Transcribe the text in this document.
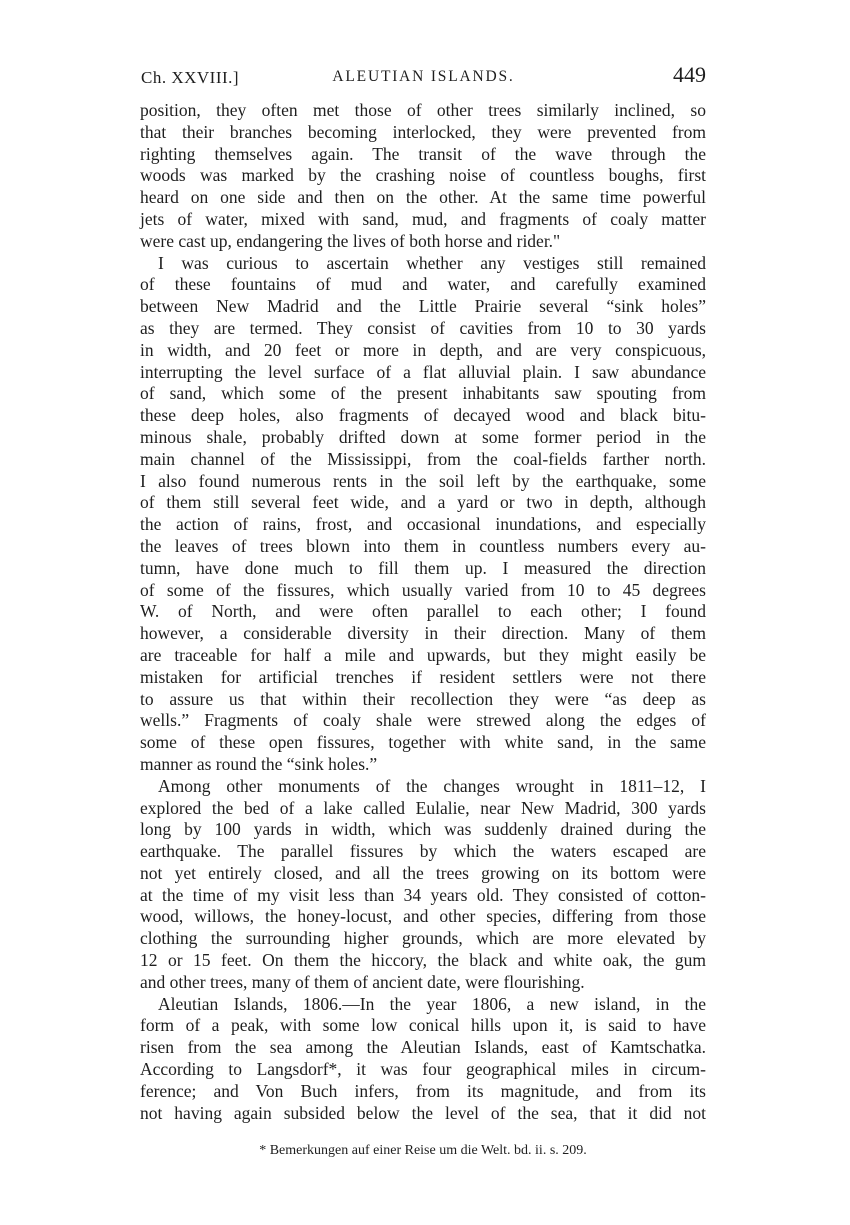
Ch. XXVIII.]	ALEUTIAN ISLANDS.	449
position, they often met those of other trees similarly inclined, so
that their branches becoming interlocked, they were prevented from
righting themselves again. The transit of the wave through the
woods was marked by the crashing noise of countless boughs, first
heard on one side and then on the other. At the same time powerful
jets of water, mixed with sand, mud, and fragments of coaly matter
were cast up, endangering the lives of both horse and rider."
I was curious to ascertain whether any vestiges still remained
of these fountains of mud and water, and carefully examined
between New Madrid and the Little Prairie several “sink holes”
as they are termed. They consist of cavities from 10 to 30 yards
in width, and 20 feet or more in depth, and are very conspicuous,
interrupting the level surface of a flat alluvial plain. I saw abundance
of sand, which some of the present inhabitants saw spouting from
these deep holes, also fragments of decayed wood and black bitu-
minous shale, probably drifted down at some former period in the
main channel of the Mississippi, from the coal-fields farther north.
I also found numerous rents in the soil left by the earthquake, some
of them still several feet wide, and a yard or two in depth, although
the action of rains, frost, and occasional inundations, and especially
the leaves of trees blown into them in countless numbers every au-
tumn, have done much to fill them up. I measured the direction
of some of the fissures, which usually varied from 10 to 45 degrees
W. of North, and were often parallel to each other; I found
however, a considerable diversity in their direction. Many of them
are traceable for half a mile and upwards, but they might easily be
mistaken for artificial trenches if resident settlers were not there
to assure us that within their recollection they were “as deep as
wells.” Fragments of coaly shale were strewed along the edges of
some of these open fissures, together with white sand, in the same
manner as round the “sink holes.”
Among other monuments of the changes wrought in 1811–12, I
explored the bed of a lake called Eulalie, near New Madrid, 300 yards
long by 100 yards in width, which was suddenly drained during the
earthquake. The parallel fissures by which the waters escaped are
not yet entirely closed, and all the trees growing on its bottom were
at the time of my visit less than 34 years old. They consisted of cotton-
wood, willows, the honey-locust, and other species, differing from those
clothing the surrounding higher grounds, which are more elevated by
12 or 15 feet. On them the hiccory, the black and white oak, the gum
and other trees, many of them of ancient date, were flourishing.
Aleutian Islands, 1806.—In the year 1806, a new island, in the
form of a peak, with some low conical hills upon it, is said to have
risen from the sea among the Aleutian Islands, east of Kamtschatka.
According to Langsdorf*, it was four geographical miles in circum-
ference; and Von Buch infers, from its magnitude, and from its
not having again subsided below the level of the sea, that it did not
* Bemerkungen auf einer Reise um die Welt. bd. ii. s. 209.
